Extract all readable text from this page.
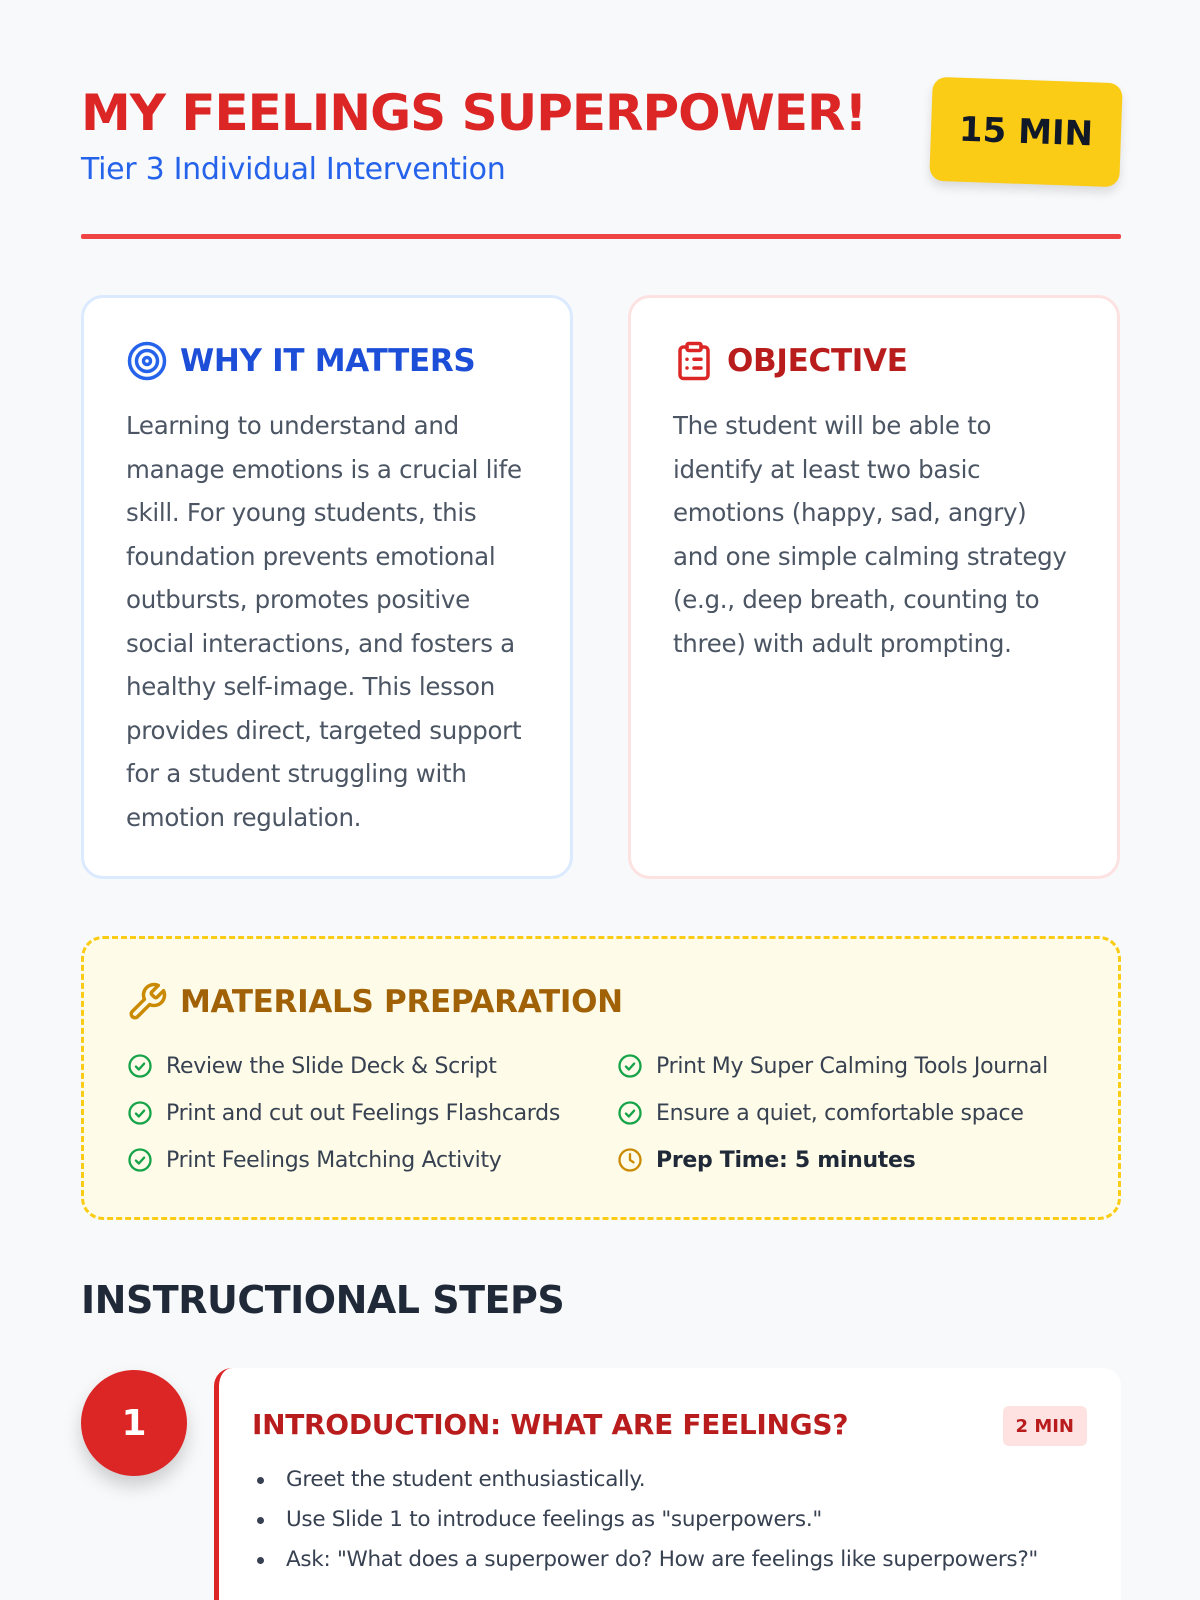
MY FEELINGS SUPERPOWER!
Tier 3 Individual Intervention
15 MIN
WHY IT MATTERS

Learning to understand and manage emotions is a crucial life skill. For young students, this foundation prevents emotional outbursts, promotes positive social interactions, and fosters a healthy self-image. This lesson provides direct, targeted support for a student struggling with emotion regulation.

OBJECTIVE

The student will be able to identify at least two basic emotions (happy, sad, angry) and one simple calming strategy (e.g., deep breath, counting to three) with adult prompting.

MATERIALS PREPARATION
Review the Slide Deck & Script
Print and cut out Feelings Flashcards
Print Feelings Matching Activity
Print My Super Calming Tools Journal
Ensure a quiet, comfortable space
Prep Time: 5 minutes
INSTRUCTIONAL STEPS
1	INTRODUCTION: WHAT ARE FEELINGS?	2 MIN
Greet the student enthusiastically.
Use Slide 1 to introduce feelings as "superpowers."
Ask: "What does a superpower do? How are feelings like superpowers?"
